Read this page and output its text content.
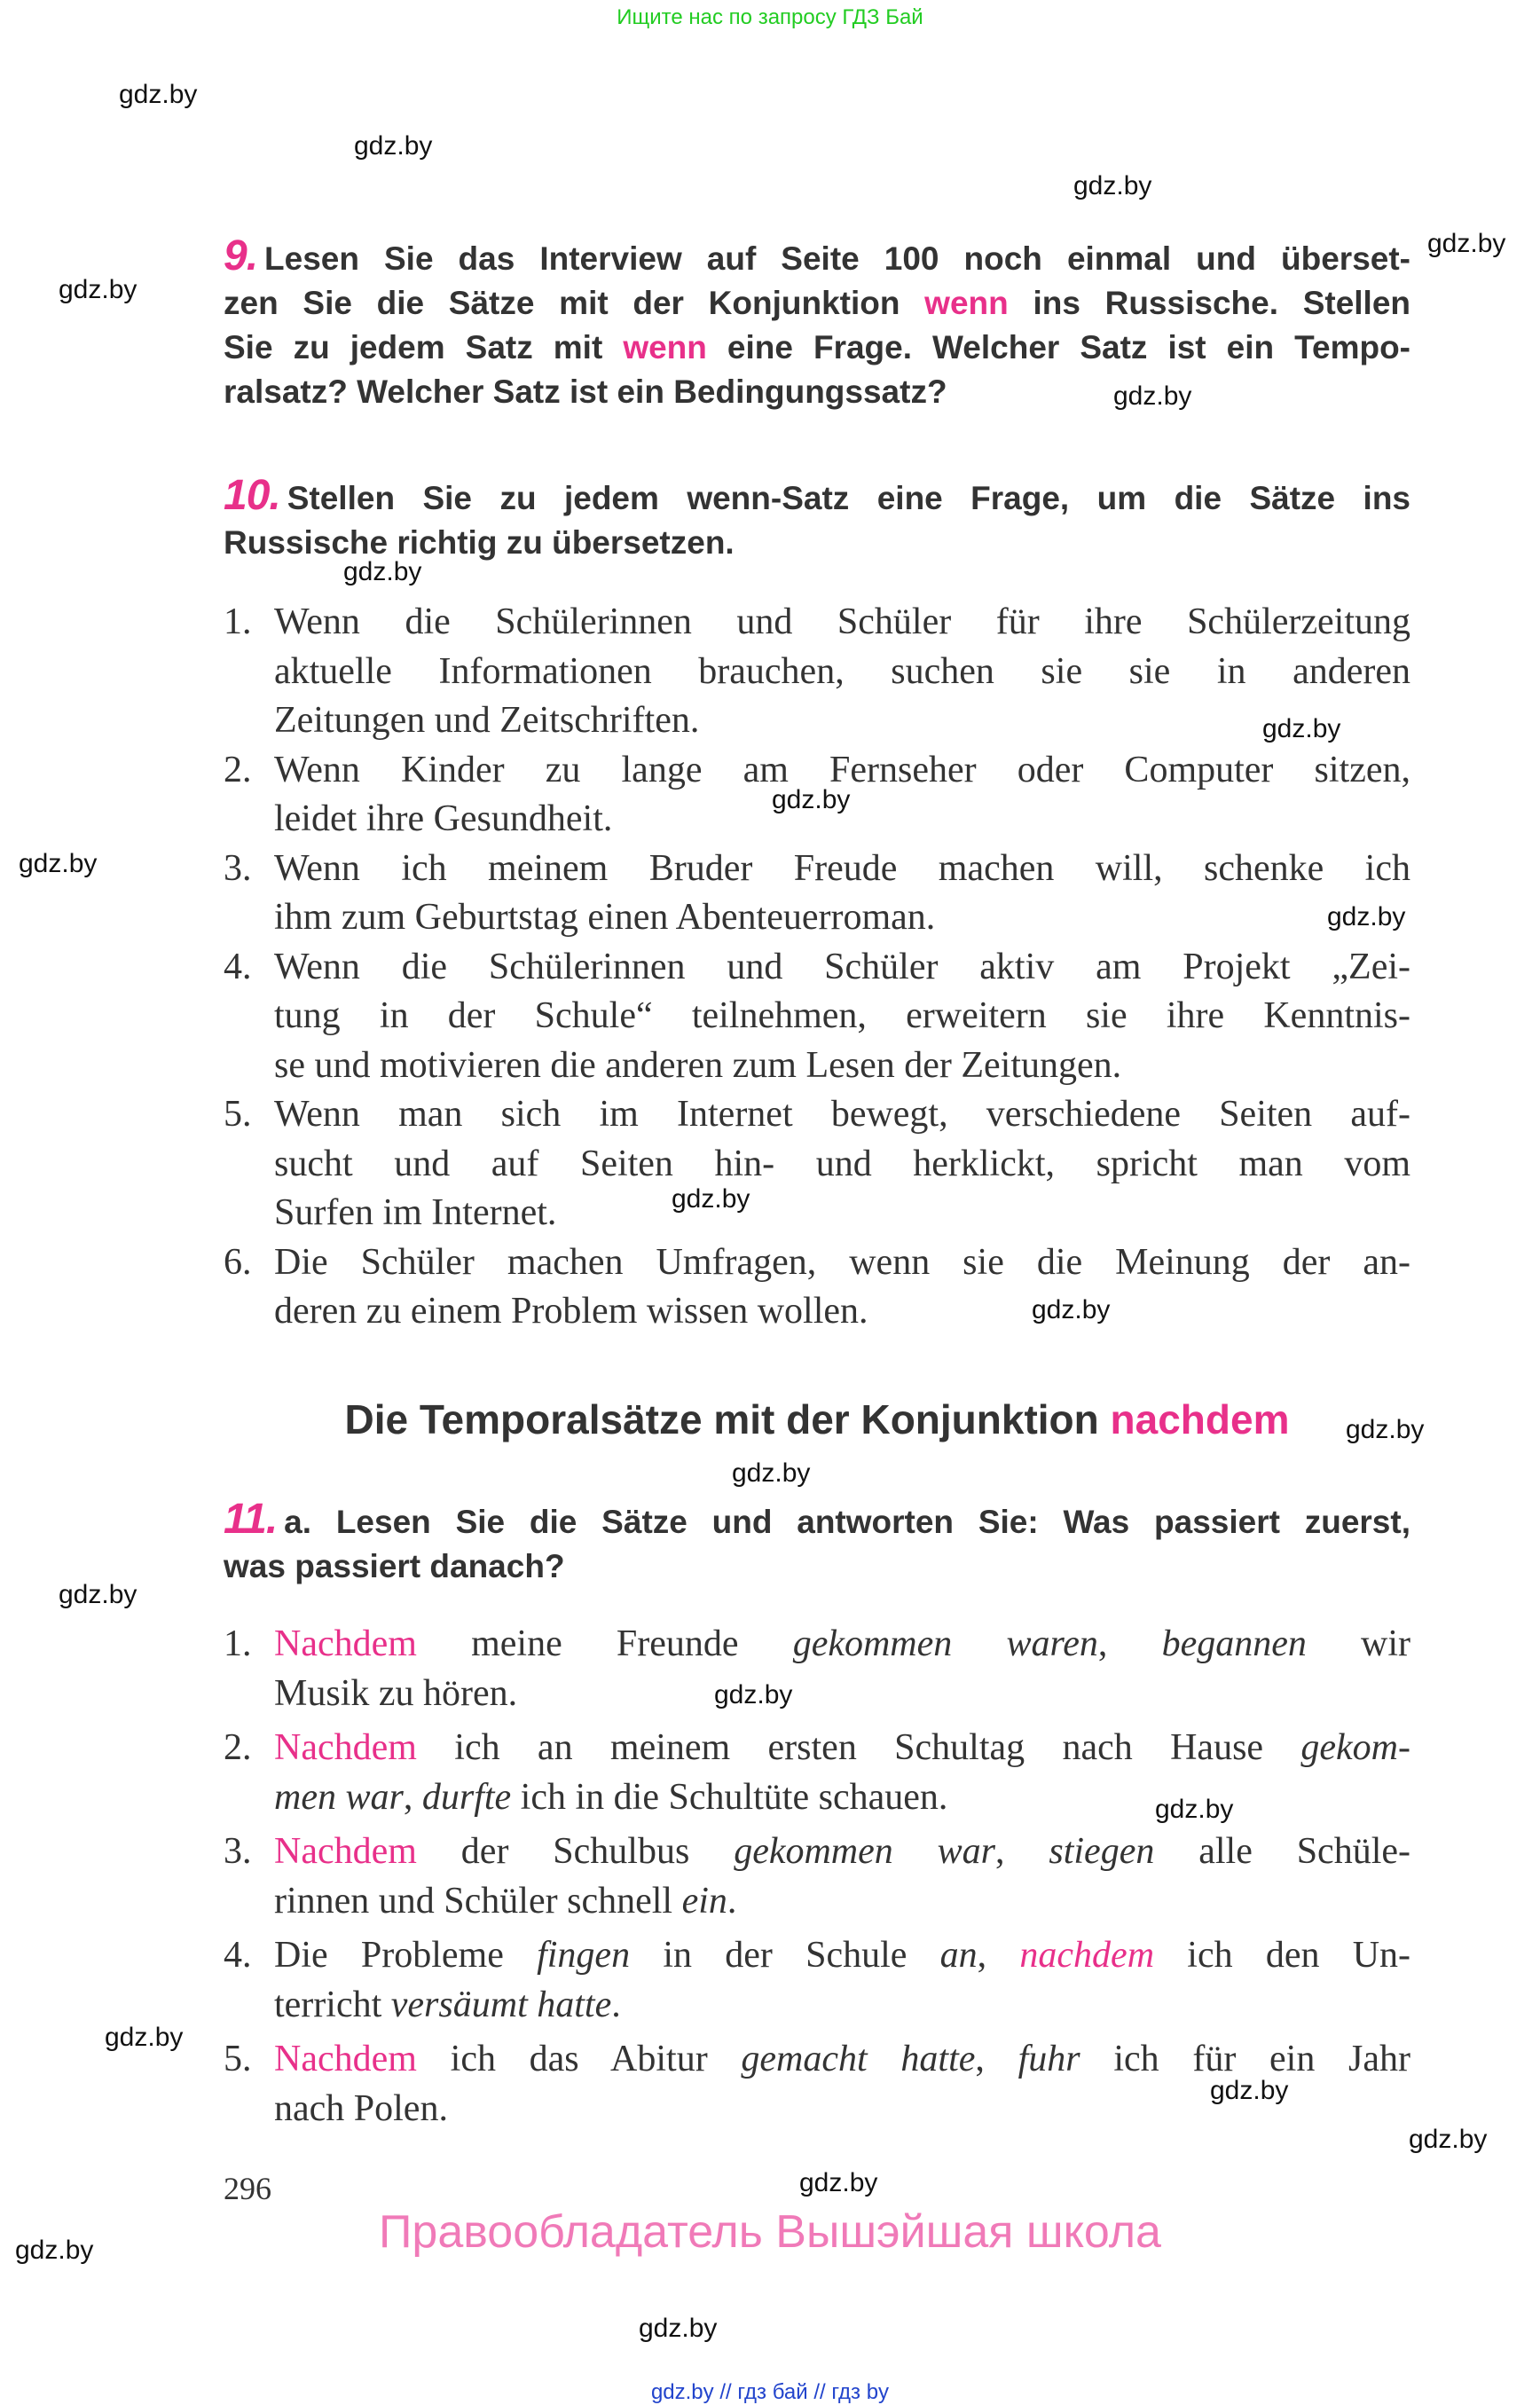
Ищите нас по запросу ГДЗ Бай
9. Lesen Sie das Interview auf Seite 100 noch einmal und überset-
zen Sie die Sätze mit der Konjunktion wenn ins Russische. Stellen
Sie zu jedem Satz mit wenn eine Frage. Welcher Satz ist ein Tempo-
ralsatz? Welcher Satz ist ein Bedingungssatz?
10. Stellen Sie zu jedem wenn-Satz eine Frage, um die Sätze ins
Russische richtig zu übersetzen.
1. Wenn die Schülerinnen und Schüler für ihre Schülerzeitung
aktuelle Informationen brauchen, suchen sie sie in anderen
Zeitungen und Zeitschriften.
2. Wenn Kinder zu lange am Fernseher oder Computer sitzen,
leidet ihre Gesundheit.
3. Wenn ich meinem Bruder Freude machen will, schenke ich
ihm zum Geburtstag einen Abenteuerroman.
4. Wenn die Schülerinnen und Schüler aktiv am Projekt „Zei-
tung in der Schule“ teilnehmen, erweitern sie ihre Kenntnis-
se und motivieren die anderen zum Lesen der Zeitungen.
5. Wenn man sich im Internet bewegt, verschiedene Seiten auf-
sucht und auf Seiten hin- und herklickt, spricht man vom
Surfen im Internet.
6. Die Schüler machen Umfragen, wenn sie die Meinung der an-
deren zu einem Problem wissen wollen.
Die Temporalsätze mit der Konjunktion nachdem
11. a. Lesen Sie die Sätze und antworten Sie: Was passiert zuerst,
was passiert danach?
1. Nachdem meine Freunde gekommen waren, begannen wir
Musik zu hören.
2. Nachdem ich an meinem ersten Schultag nach Hause gekom-
men war, durfte ich in die Schultüte schauen.
3. Nachdem der Schulbus gekommen war, stiegen alle Schüle-
rinnen und Schüler schnell ein.
4. Die Probleme fingen in der Schule an, nachdem ich den Un-
terricht versäumt hatte.
5. Nachdem ich das Abitur gemacht hatte, fuhr ich für ein Jahr
nach Polen.
296
Правообладатель Вышэйшая школа
gdz.by // гдз бай // гдз by
gdz.by
gdz.by
gdz.by
gdz.by
gdz.by
gdz.by
gdz.by
gdz.by
gdz.by
gdz.by
gdz.by
gdz.by
gdz.by
gdz.by
gdz.by
gdz.by
gdz.by
gdz.by
gdz.by
gdz.by
gdz.by
gdz.by
gdz.by
gdz.by
